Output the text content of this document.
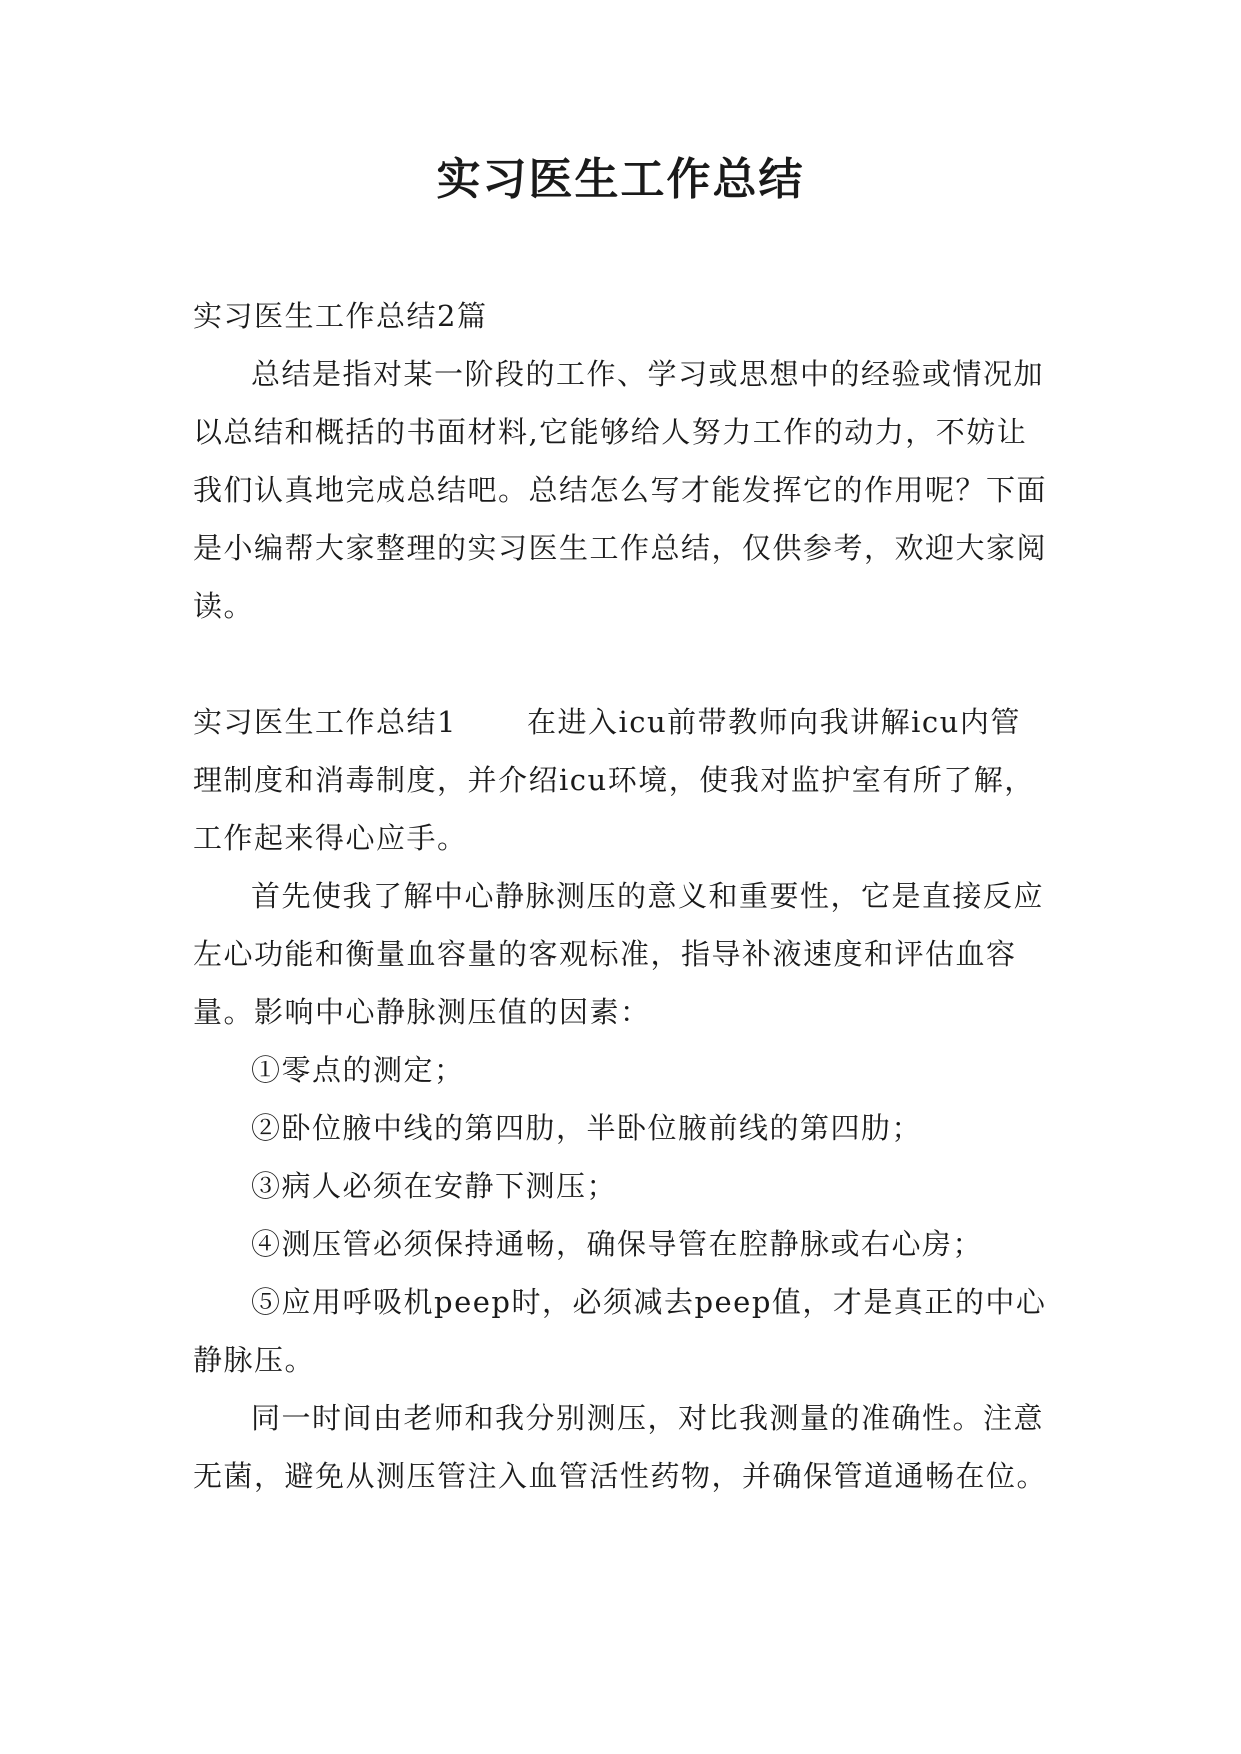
实习医生工作总结

实习医生工作总结2篇

总结是指对某一阶段的工作、学习或思想中的经验或情况加以总结和概括的书面材料,它能够给人努力工作的动力，不妨让我们认真地完成总结吧。总结怎么写才能发挥它的作用呢？下面是小编帮大家整理的实习医生工作总结，仅供参考，欢迎大家阅读。

实习医生工作总结1 在进入icu前带教师向我讲解icu内管理制度和消毒制度，并介绍icu环境，使我对监护室有所了解，工作起来得心应手。

首先使我了解中心静脉测压的意义和重要性，它是直接反应左心功能和衡量血容量的客观标准，指导补液速度和评估血容量。影响中心静脉测压值的因素：

①零点的测定；

②卧位腋中线的第四肋，半卧位腋前线的第四肋；

③病人必须在安静下测压；

④测压管必须保持通畅，确保导管在腔静脉或右心房；

⑤应用呼吸机peep时，必须减去peep值，才是真正的中心静脉压。

同一时间由老师和我分别测压，对比我测量的准确性。注意无菌，避免从测压管注入血管活性药物，并确保管道通畅在位。
